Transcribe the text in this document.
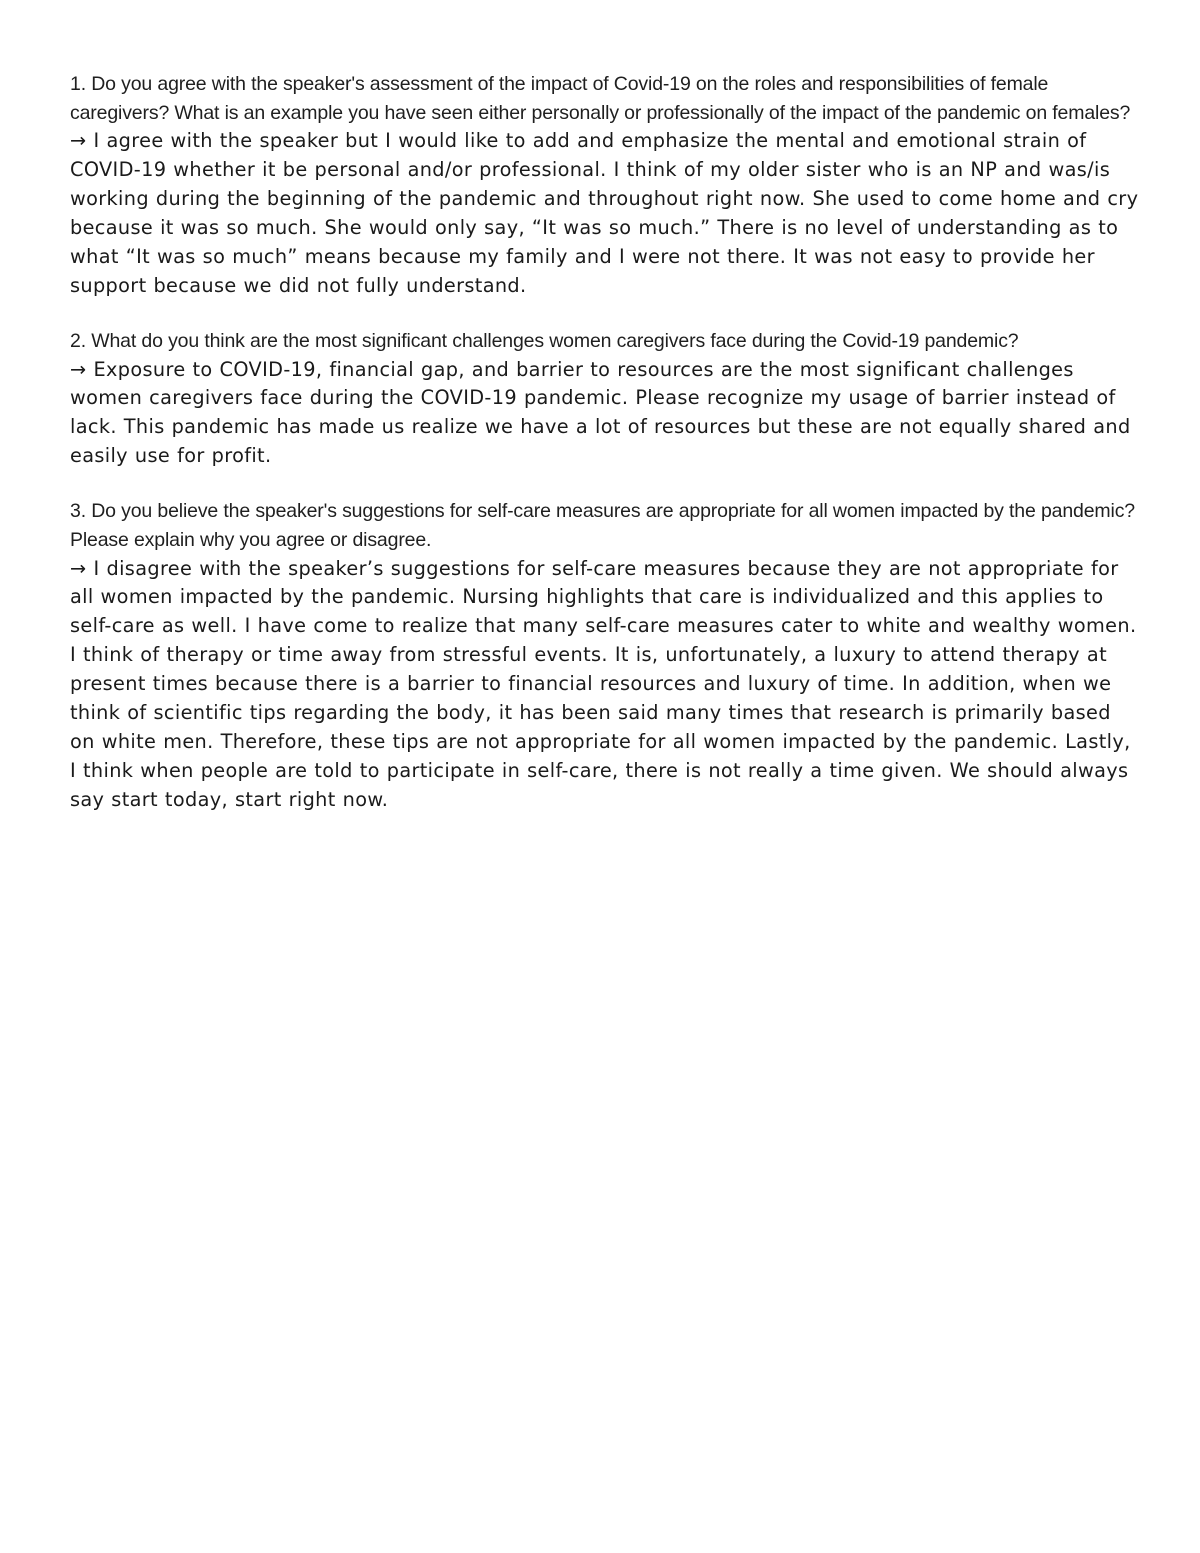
1. Do you agree with the speaker's assessment of the impact of Covid-19 on the roles and responsibilities of female caregivers? What is an example you have seen either personally or professionally of the impact of the pandemic on females?

→ I agree with the speaker but I would like to add and emphasize the mental and emotional strain of COVID-19 whether it be personal and/or professional. I think of my older sister who is an NP and was/is working during the beginning of the pandemic and throughout right now. She used to come home and cry because it was so much. She would only say, “It was so much.” There is no level of understanding as to what “It was so much” means because my family and I were not there. It was not easy to provide her support because we did not fully understand.

2. What do you think are the most significant challenges women caregivers face during the Covid-19 pandemic?

→ Exposure to COVID-19, financial gap, and barrier to resources are the most significant challenges women caregivers face during the COVID-19 pandemic. Please recognize my usage of barrier instead of lack. This pandemic has made us realize we have a lot of resources but these are not equally shared and easily use for profit.

3. Do you believe the speaker's suggestions for self-care measures are appropriate for all women impacted by the pandemic? Please explain why you agree or disagree.

→ I disagree with the speaker’s suggestions for self-care measures because they are not appropriate for all women impacted by the pandemic. Nursing highlights that care is individualized and this applies to self-care as well. I have come to realize that many self-care measures cater to white and wealthy women. I think of therapy or time away from stressful events. It is, unfortunately, a luxury to attend therapy at present times because there is a barrier to financial resources and luxury of time. In addition, when we think of scientific tips regarding the body, it has been said many times that research is primarily based on white men. Therefore, these tips are not appropriate for all women impacted by the pandemic. Lastly, I think when people are told to participate in self-care, there is not really a time given. We should always say start today, start right now.
